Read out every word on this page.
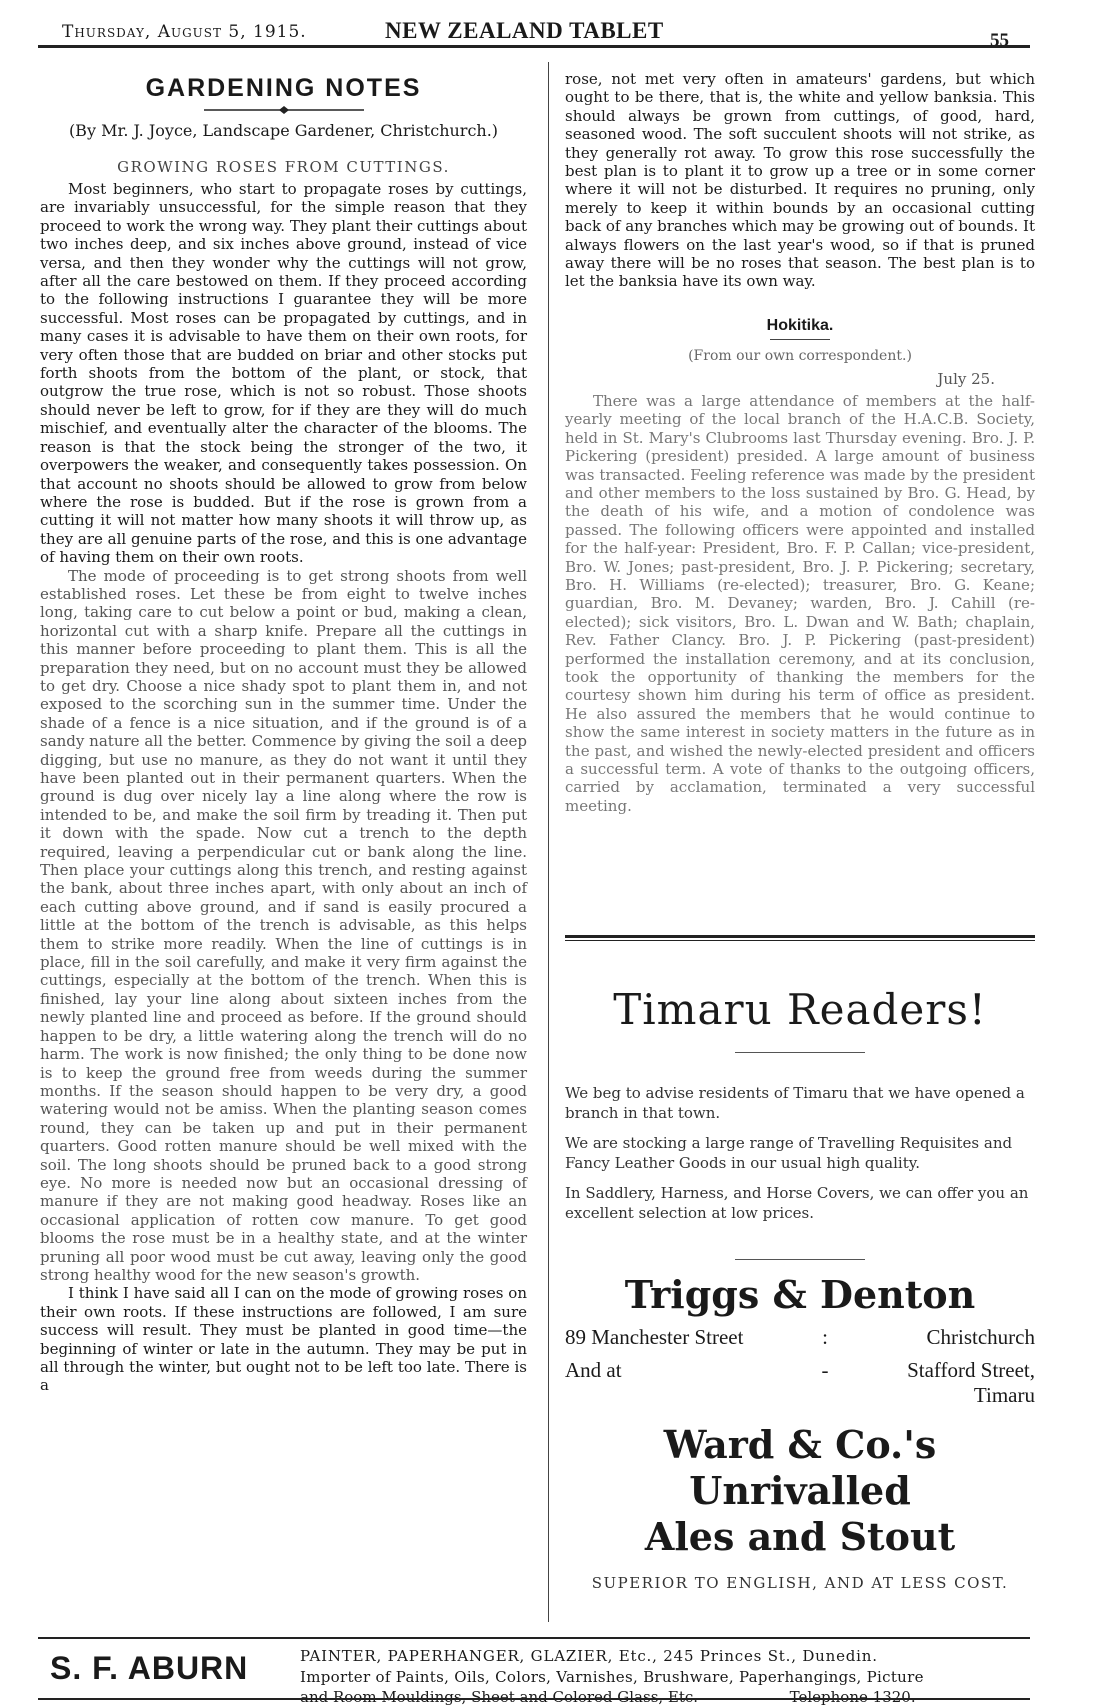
Thursday, August 5, 1915.	NEW ZEALAND TABLET	55
GARDENING NOTES
(By Mr. J. Joyce, Landscape Gardener, Christchurch.)
GROWING ROSES FROM CUTTINGS.

Most beginners, who start to propagate roses by cuttings, are invariably unsuccessful, for the simple reason that they proceed to work the wrong way. They plant their cuttings about two inches deep, and six inches above ground, instead of vice versa, and then they wonder why the cuttings will not grow, after all the care bestowed on them. If they proceed according to the following instructions I guarantee they will be more successful. Most roses can be propagated by cuttings, and in many cases it is advisable to have them on their own roots, for very often those that are budded on briar and other stocks put forth shoots from the bottom of the plant, or stock, that outgrow the true rose, which is not so robust. Those shoots should never be left to grow, for if they are they will do much mischief, and eventually alter the character of the blooms. The reason is that the stock being the stronger of the two, it overpowers the weaker, and consequently takes possession. On that account no shoots should be allowed to grow from below where the rose is budded. But if the rose is grown from a cutting it will not matter how many shoots it will throw up, as they are all genuine parts of the rose, and this is one advantage of having them on their own roots.

The mode of proceeding is to get strong shoots from well established roses. Let these be from eight to twelve inches long, taking care to cut below a point or bud, making a clean, horizontal cut with a sharp knife. Prepare all the cuttings in this manner before proceeding to plant them. This is all the preparation they need, but on no account must they be allowed to get dry. Choose a nice shady spot to plant them in, and not exposed to the scorching sun in the summer time. Under the shade of a fence is a nice situation, and if the ground is of a sandy nature all the better. Commence by giving the soil a deep digging, but use no manure, as they do not want it until they have been planted out in their permanent quarters. When the ground is dug over nicely lay a line along where the row is intended to be, and make the soil firm by treading it. Then put it down with the spade. Now cut a trench to the depth required, leaving a perpendicular cut or bank along the line. Then place your cuttings along this trench, and resting against the bank, about three inches apart, with only about an inch of each cutting above ground, and if sand is easily procured a little at the bottom of the trench is advisable, as this helps them to strike more readily. When the line of cuttings is in place, fill in the soil carefully, and make it very firm against the cuttings, especially at the bottom of the trench. When this is finished, lay your line along about sixteen inches from the newly planted line and proceed as before. If the ground should happen to be dry, a little watering along the trench will do no harm. The work is now finished; the only thing to be done now is to keep the ground free from weeds during the summer months. If the season should happen to be very dry, a good watering would not be amiss. When the planting season comes round, they can be taken up and put in their permanent quarters. Good rotten manure should be well mixed with the soil. The long shoots should be pruned back to a good strong eye. No more is needed now but an occasional dressing of manure if they are not making good headway. Roses like an occasional application of rotten cow manure. To get good blooms the rose must be in a healthy state, and at the winter pruning all poor wood must be cut away, leaving only the good strong healthy wood for the new season's growth.

I think I have said all I can on the mode of growing roses on their own roots. If these instructions are followed, I am sure success will result. They must be planted in good time—the beginning of winter or late in the autumn. They may be put in all through the winter, but ought not to be left too late. There is a

rose, not met very often in amateurs' gardens, but which ought to be there, that is, the white and yellow banksia. This should always be grown from cuttings, of good, hard, seasoned wood. The soft succulent shoots will not strike, as they generally rot away. To grow this rose successfully the best plan is to plant it to grow up a tree or in some corner where it will not be disturbed. It requires no pruning, only merely to keep it within bounds by an occasional cutting back of any branches which may be growing out of bounds. It always flowers on the last year's wood, so if that is pruned away there will be no roses that season. The best plan is to let the banksia have its own way.

Hokitika.
(From our own correspondent.)
July 25.

There was a large attendance of members at the half-yearly meeting of the local branch of the H.A.C.B. Society, held in St. Mary's Clubrooms last Thursday evening. Bro. J. P. Pickering (president) presided. A large amount of business was transacted. Feeling reference was made by the president and other members to the loss sustained by Bro. G. Head, by the death of his wife, and a motion of condolence was passed. The following officers were appointed and installed for the half-year: President, Bro. F. P. Callan; vice-president, Bro. W. Jones; past-president, Bro. J. P. Pickering; secretary, Bro. H. Williams (re-elected); treasurer, Bro. G. Keane; guardian, Bro. M. Devaney; warden, Bro. J. Cahill (re-elected); sick visitors, Bro. L. Dwan and W. Bath; chaplain, Rev. Father Clancy. Bro. J. P. Pickering (past-president) performed the installation ceremony, and at its conclusion, took the opportunity of thanking the members for the courtesy shown him during his term of office as president. He also assured the members that he would continue to show the same interest in society matters in the future as in the past, and wished the newly-elected president and officers a successful term. A vote of thanks to the outgoing officers, carried by acclamation, terminated a very successful meeting.

Timaru Readers!

We beg to advise residents of Timaru that we have opened a branch in that town.

We are stocking a large range of Travelling Requisites and Fancy Leather Goods in our usual high quality.

In Saddlery, Harness, and Horse Covers, we can offer you an excellent selection at low prices.

Triggs & Denton
89 Manchester Street	:	Christchurch
And at	-	Stafford Street, Timaru
Ward & Co.'s Unrivalled
Ales and Stout
SUPERIOR TO ENGLISH, AND AT LESS COST.
S. F. ABURN	PAINTER, PAPERHANGER, GLAZIER, Etc., 245 Princes St., Dunedin.
Importer of Paints, Oils, Colors, Varnishes, Brushware, Paperhangings, Picture
and Room Mouldings, Sheet and Colored Glass, Etc.	Telephone 1320.
